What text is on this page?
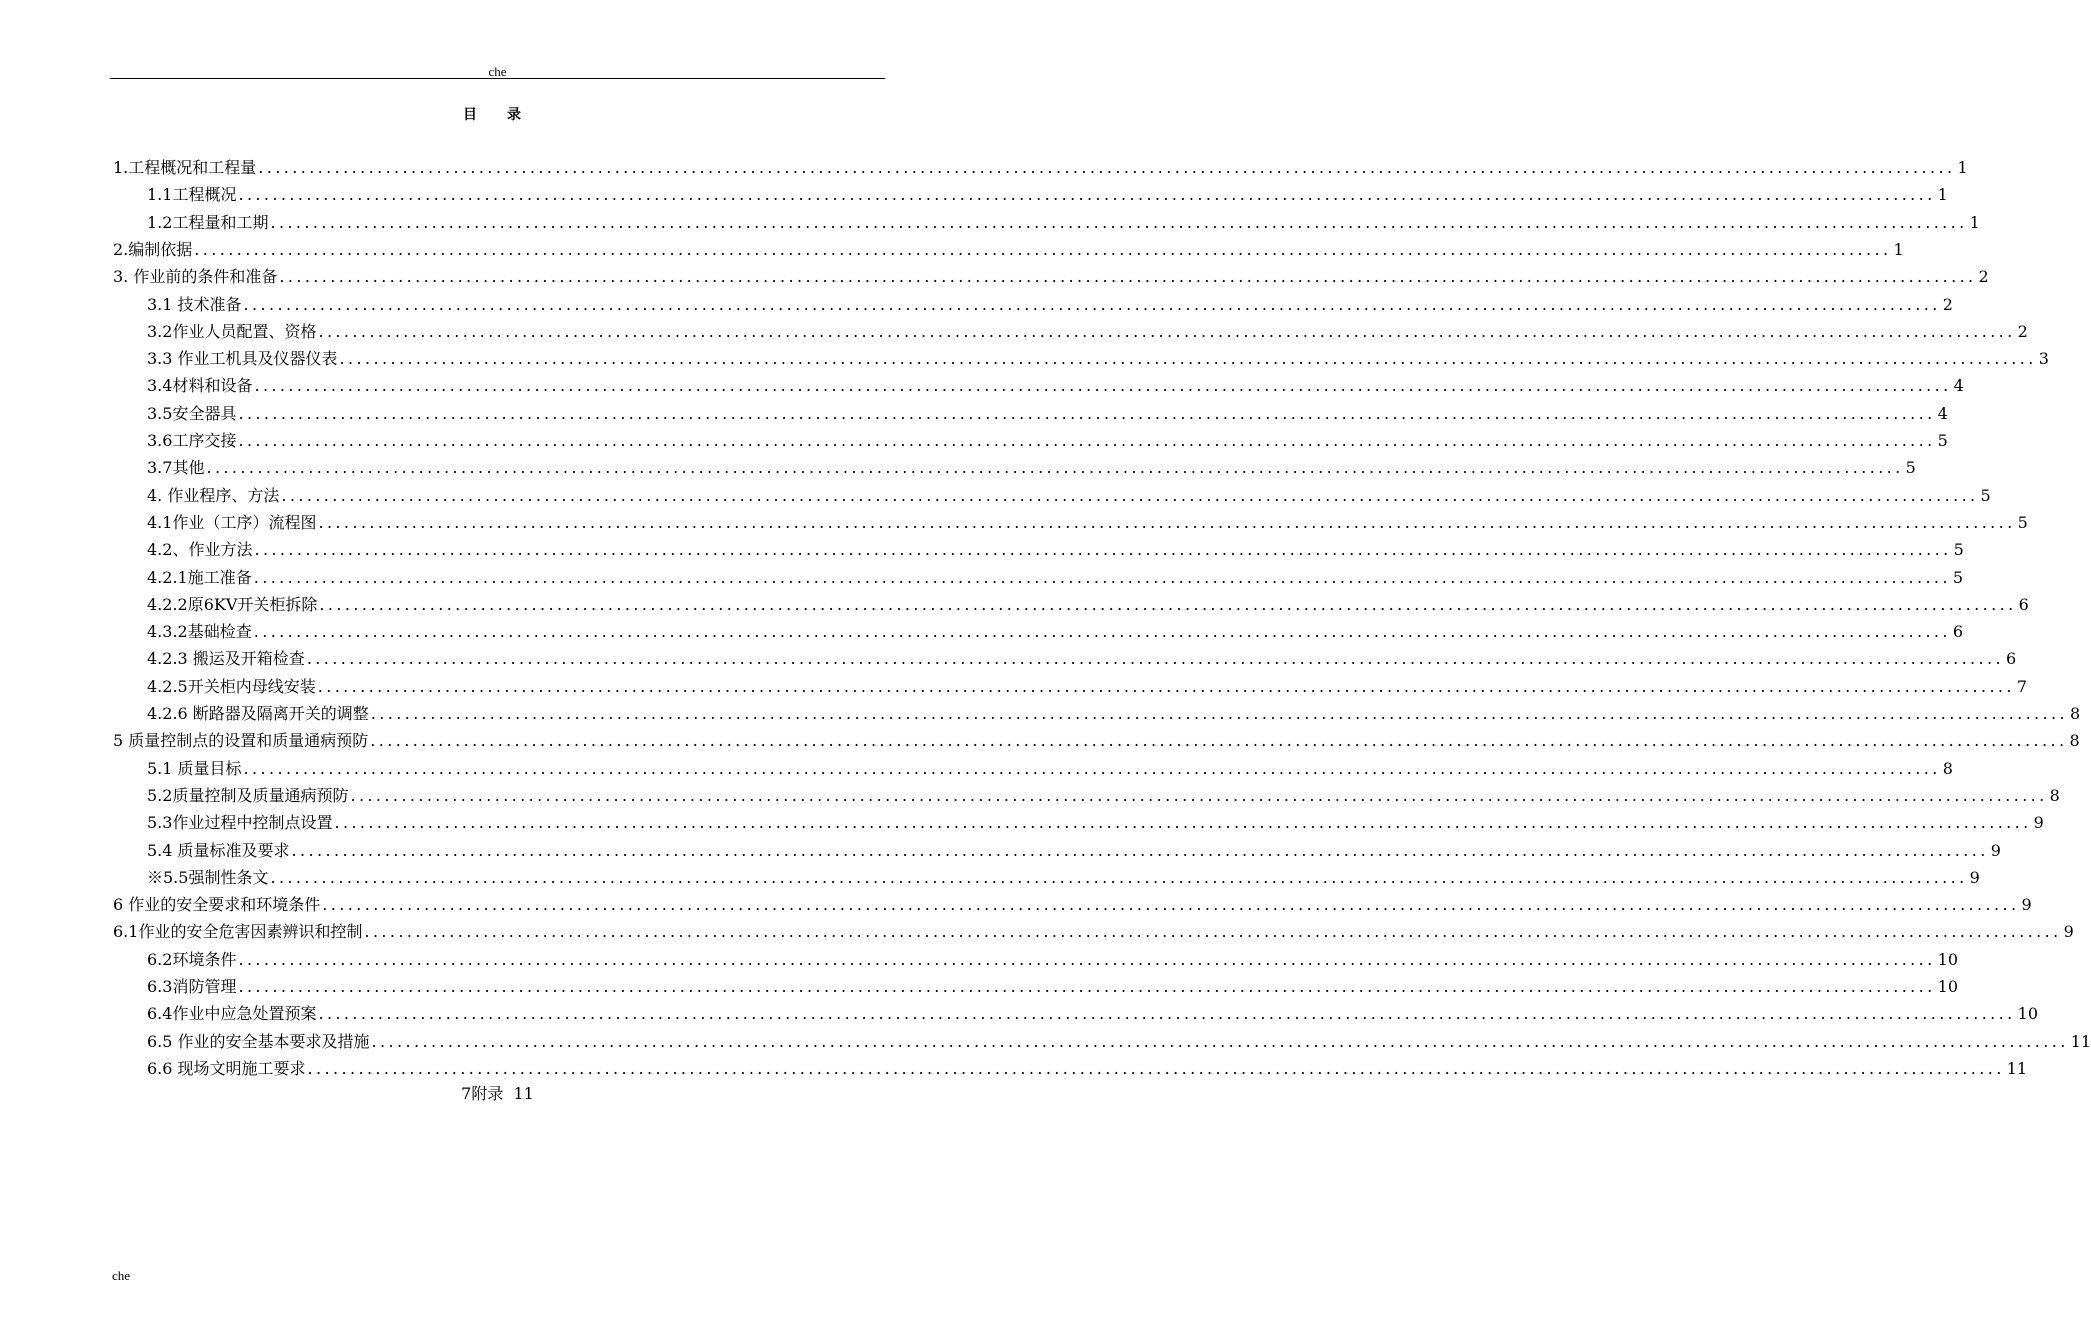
che
目录
1.工程概况和工程量 ........................................................................................................................................................................................................ 1
1.1工程概况 ........................................................................................................................................................................................................ 1
1.2工程量和工期 ........................................................................................................................................................................................................ 1
2.编制依据 ........................................................................................................................................................................................................ 1
3. 作业前的条件和准备 ........................................................................................................................................................................................................ 2
3.1 技术准备 ........................................................................................................................................................................................................ 2
3.2作业人员配置、资格 ........................................................................................................................................................................................................ 2
3.3 作业工机具及仪器仪表 ........................................................................................................................................................................................................ 3
3.4材料和设备 ........................................................................................................................................................................................................ 4
3.5安全器具 ........................................................................................................................................................................................................ 4
3.6工序交接 ........................................................................................................................................................................................................ 5
3.7其他 ........................................................................................................................................................................................................ 5
4. 作业程序、方法 ........................................................................................................................................................................................................ 5
4.1作业（工序）流程图 ........................................................................................................................................................................................................ 5
4.2、作业方法 ........................................................................................................................................................................................................ 5
4.2.1施工准备 ........................................................................................................................................................................................................ 5
4.2.2原6KV开关柜拆除 ........................................................................................................................................................................................................ 6
4.3.2基础检查 ........................................................................................................................................................................................................ 6
4.2.3 搬运及开箱检查 ........................................................................................................................................................................................................ 6
4.2.5开关柜内母线安装 ........................................................................................................................................................................................................ 7
4.2.6 断路器及隔离开关的调整 ........................................................................................................................................................................................................ 8
5 质量控制点的设置和质量通病预防 ........................................................................................................................................................................................................ 8
5.1 质量目标 ........................................................................................................................................................................................................ 8
5.2质量控制及质量通病预防 ........................................................................................................................................................................................................ 8
5.3作业过程中控制点设置 ........................................................................................................................................................................................................ 9
5.4 质量标准及要求 ........................................................................................................................................................................................................ 9
※5.5强制性条文 ........................................................................................................................................................................................................ 9
6 作业的安全要求和环境条件 ........................................................................................................................................................................................................ 9
6.1作业的安全危害因素辨识和控制 ........................................................................................................................................................................................................ 9
6.2环境条件 ........................................................................................................................................................................................................ 10
6.3消防管理 ........................................................................................................................................................................................................ 10
6.4作业中应急处置预案 ........................................................................................................................................................................................................ 10
6.5 作业的安全基本要求及措施 ........................................................................................................................................................................................................ 11
6.6 现场文明施工要求 ........................................................................................................................................................................................................ 11
7附录  11
che
